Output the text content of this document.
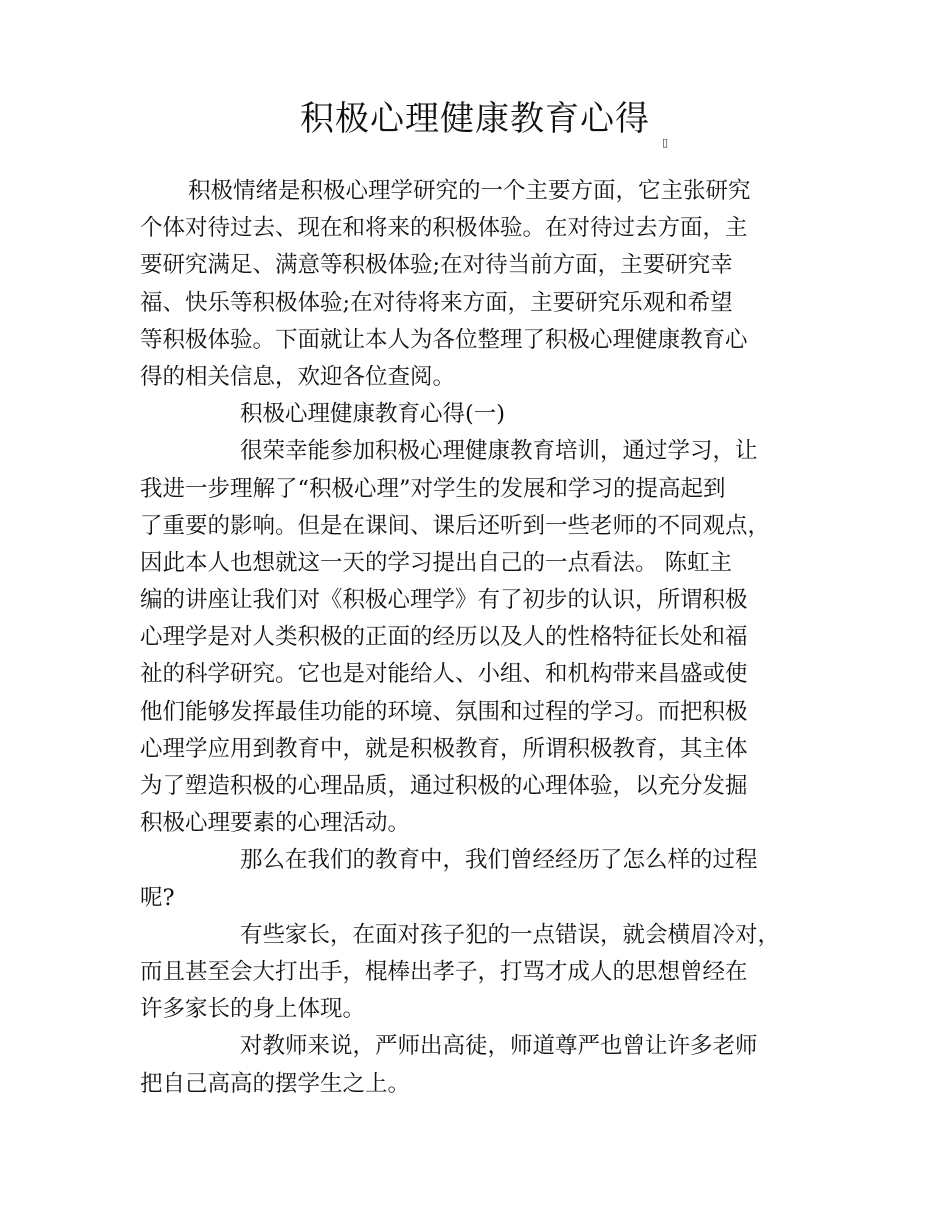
积极心理健康教育心得
▯
积极情绪是积极心理学研究的一个主要方面，它主张研究
个体对待过去、现在和将来的积极体验。在对待过去方面，主
要研究满足、满意等积极体验;在对待当前方面，主要研究幸
福、快乐等积极体验;在对待将来方面，主要研究乐观和希望
等积极体验。下面就让本人为各位整理了积极心理健康教育心
得的相关信息，欢迎各位查阅。
积极心理健康教育心得(一)
很荣幸能参加积极心理健康教育培训，通过学习，让
我进一步理解了“积极心理”对学生的发展和学习的提高起到
了重要的影响。但是在课间、课后还听到一些老师的不同观点，
因此本人也想就这一天的学习提出自己的一点看法。 陈虹主
编的讲座让我们对《积极心理学》有了初步的认识，所谓积极
心理学是对人类积极的正面的经历以及人的性格特征长处和福
祉的科学研究。它也是对能给人、小组、和机构带来昌盛或使
他们能够发挥最佳功能的环境、氛围和过程的学习。而把积极
心理学应用到教育中，就是积极教育，所谓积极教育，其主体
为了塑造积极的心理品质，通过积极的心理体验，以充分发掘
积极心理要素的心理活动。
那么在我们的教育中，我们曾经经历了怎么样的过程
呢?
有些家长，在面对孩子犯的一点错误，就会横眉冷对，
而且甚至会大打出手，棍棒出孝子，打骂才成人的思想曾经在
许多家长的身上体现。
对教师来说，严师出高徒，师道尊严也曾让许多老师
把自己高高的摆学生之上。
